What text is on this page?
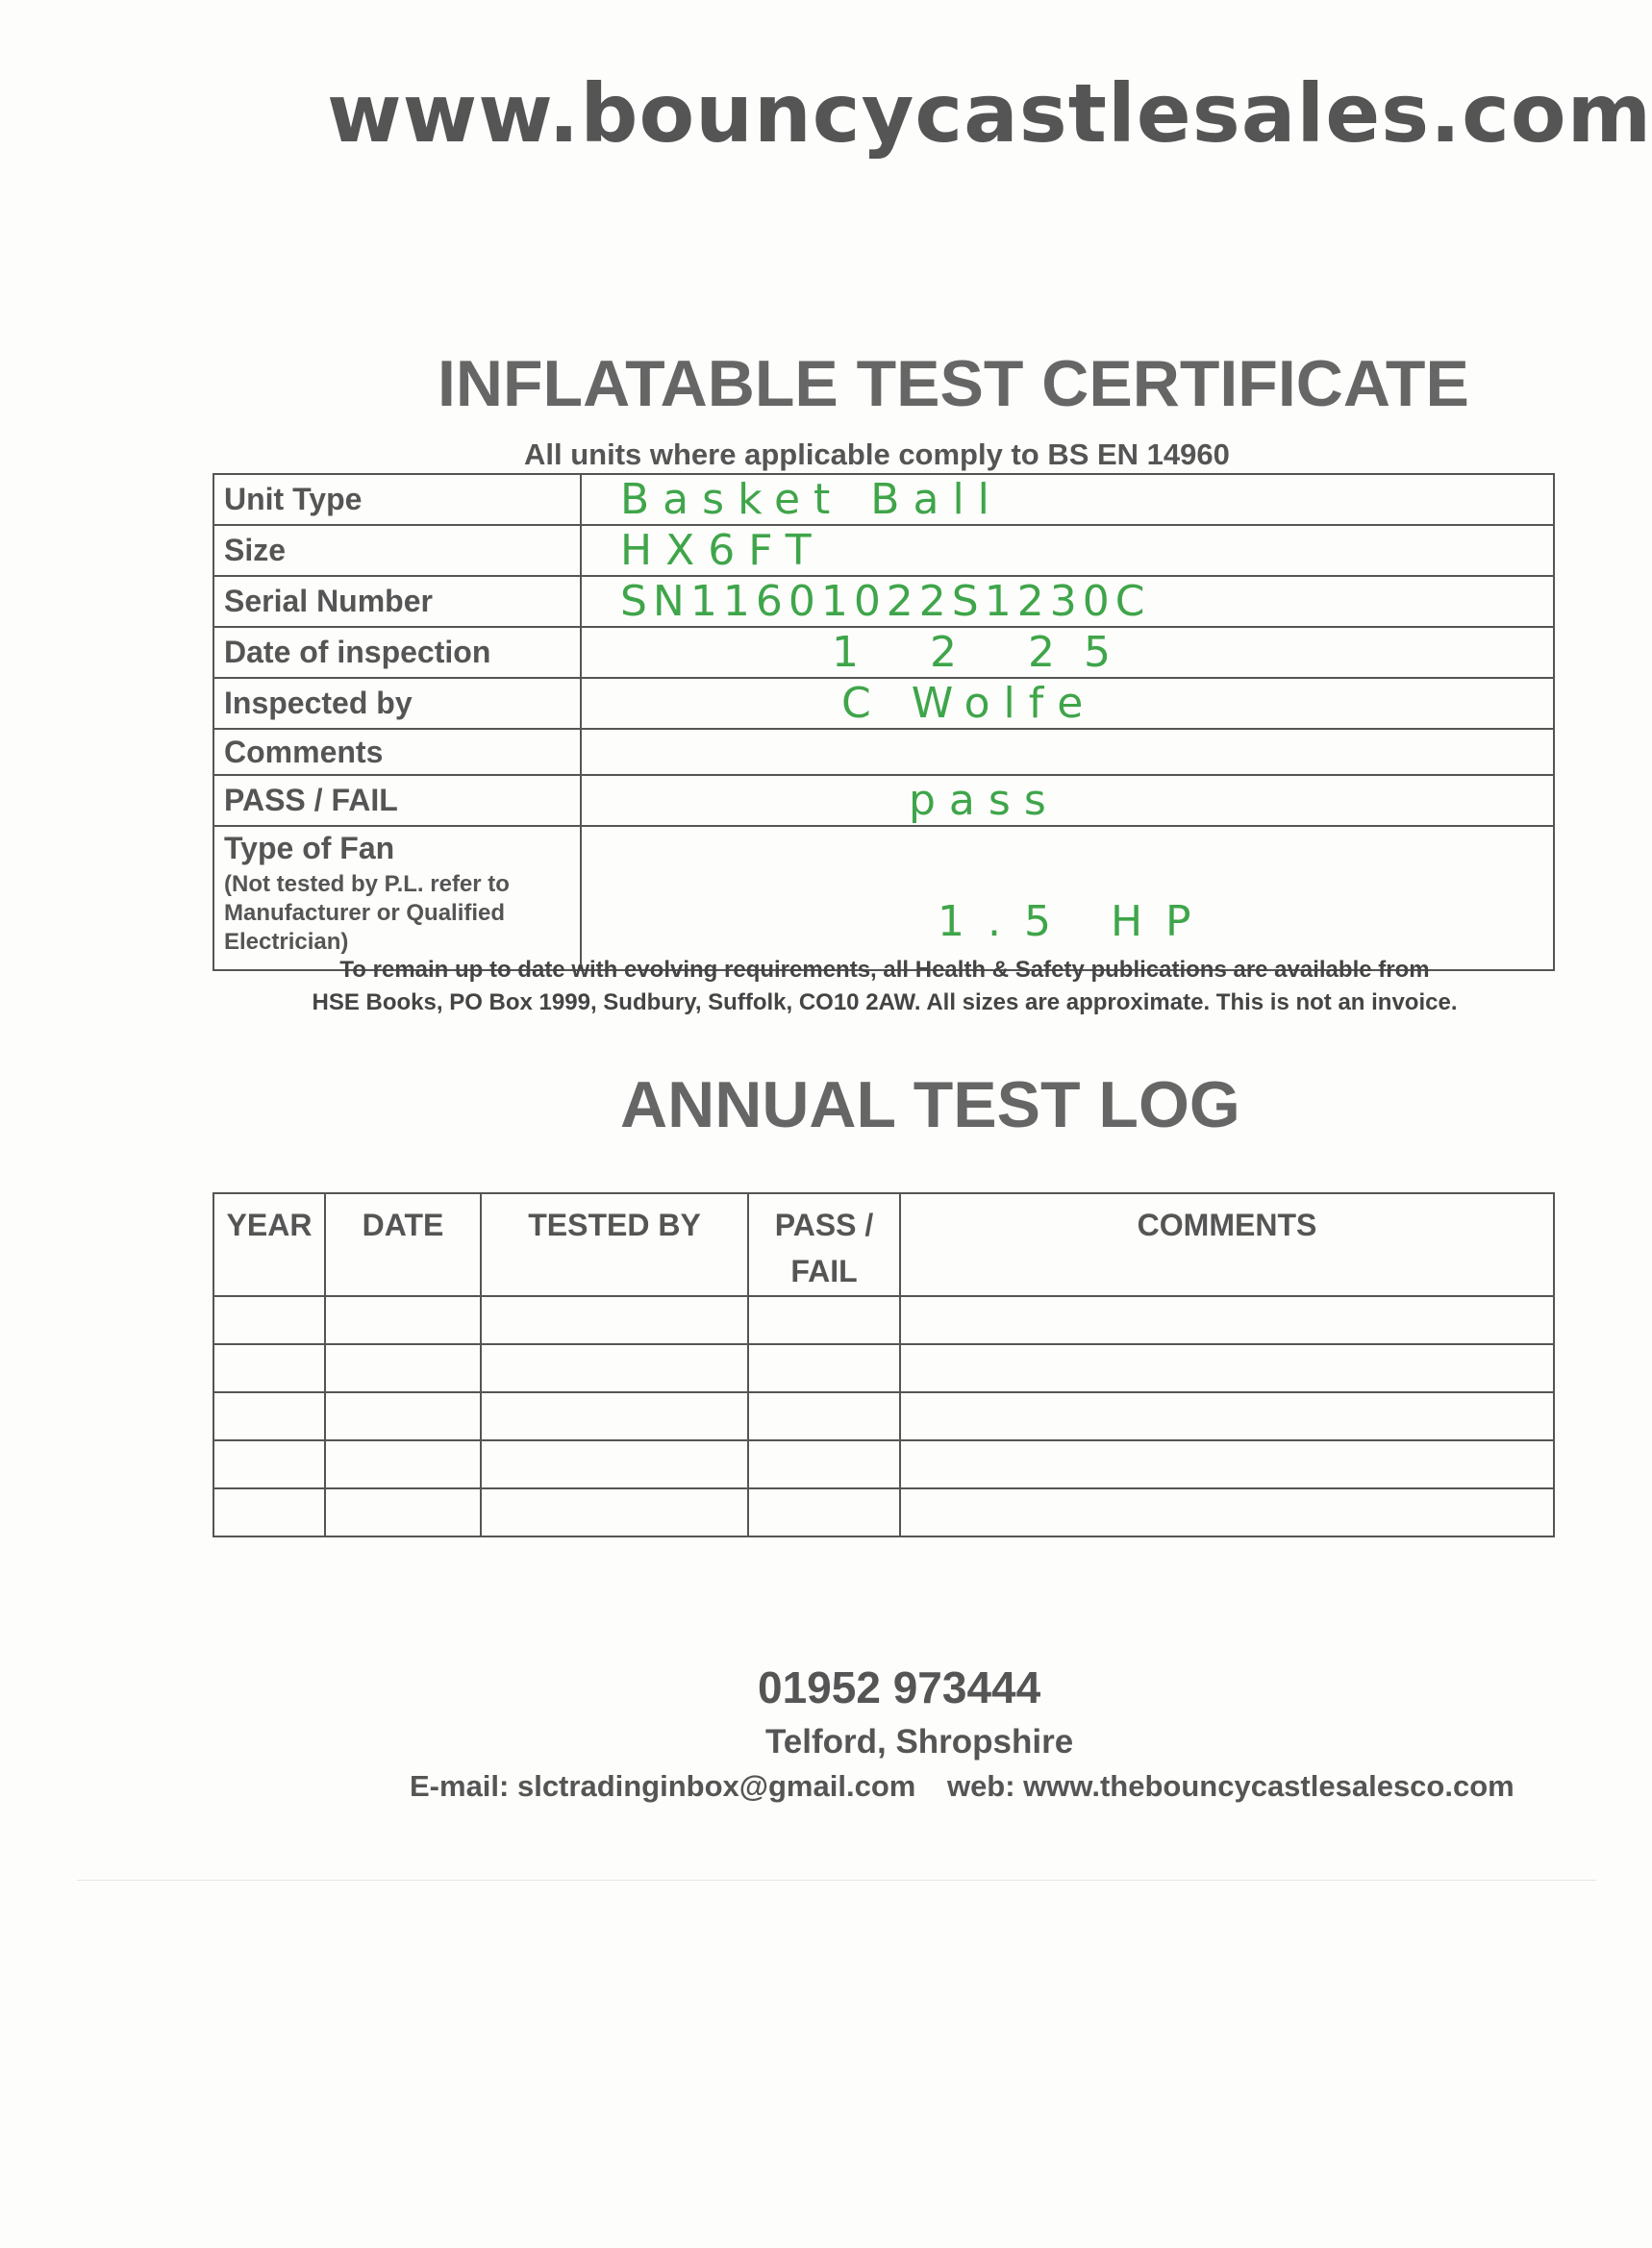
www.bouncycastlesales.com
INFLATABLE TEST CERTIFICATE
All units where applicable comply to BS EN 14960
Unit Type	Basket Ball
Size	HX6FT
Serial Number	SN11601022S1230C
Date of inspection	1 2 25
Inspected by	C Wolfe
Comments	
PASS / FAIL	pass
Type of Fan
(Not tested by P.L. refer to Manufacturer or Qualified Electrician)	1.5 HP
To remain up to date with evolving requirements, all Health & Safety publications are available from
HSE Books, PO Box 1999, Sudbury, Suffolk, CO10 2AW. All sizes are approximate. This is not an invoice.
ANNUAL TEST LOG
YEAR	DATE	TESTED BY	PASS / FAIL	COMMENTS

01952 973444
Telford, Shropshire
E-mail: slctradinginbox@gmail.com web: www.thebouncycastlesalesco.com
